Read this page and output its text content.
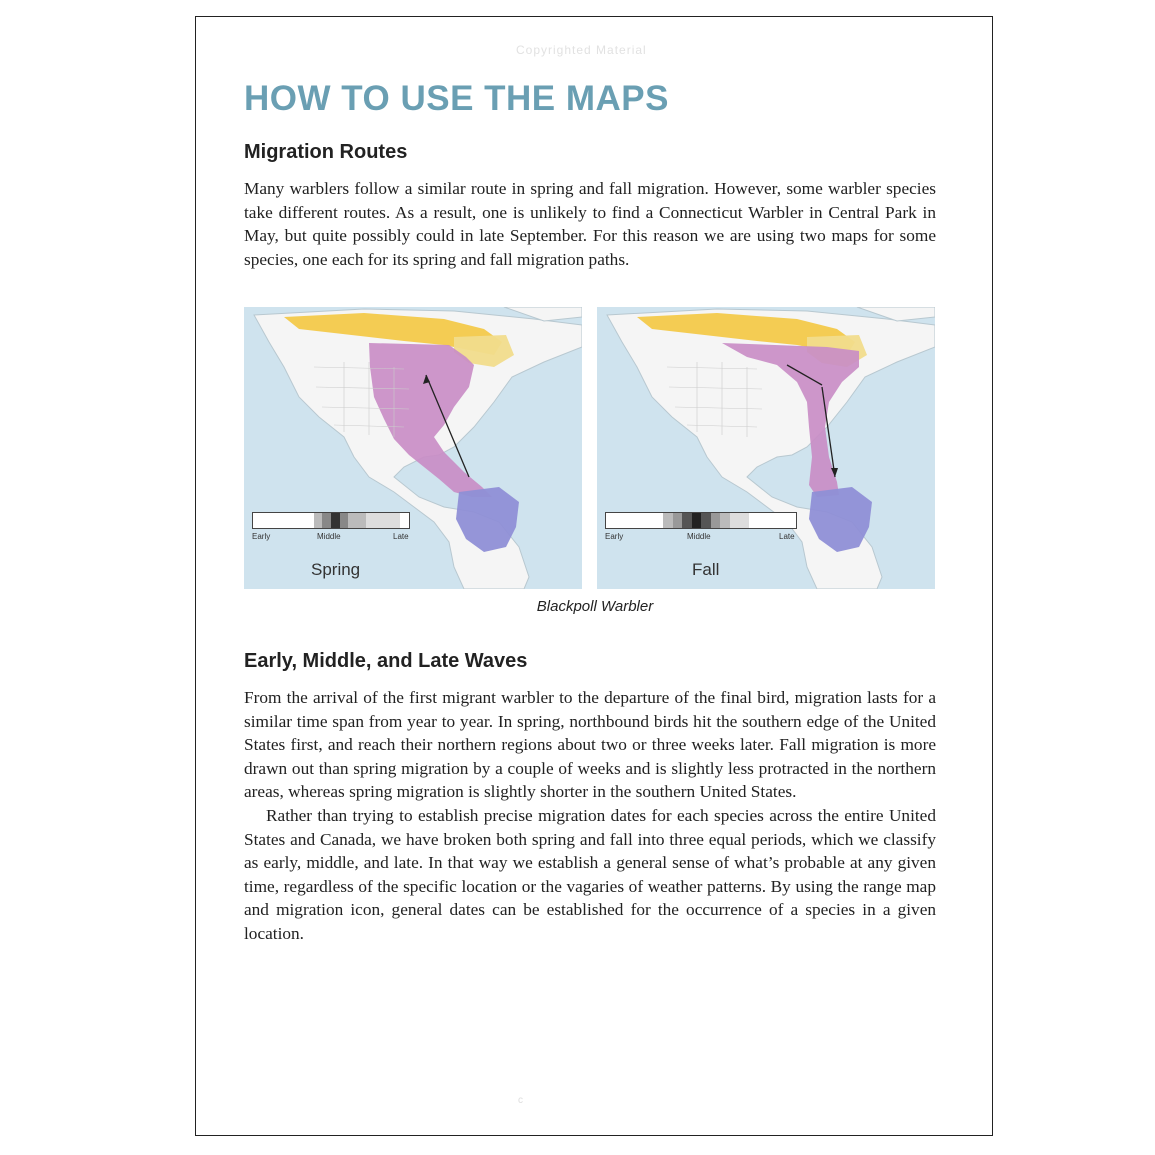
Copyrighted Material
HOW TO USE THE MAPS
Migration Routes

Many warblers follow a similar route in spring and fall migration. However, some warbler species take different routes. As a result, one is unlikely to find a Connecticut Warbler in Central Park in May, but quite possibly could in late September. For this reason we are using two maps for some species, one each for its spring and fall migration paths.

Early	Middle	Late
Spring
Early	Middle	Late
Fall
Blackpoll Warbler
Early, Middle, and Late Waves

From the arrival of the first migrant warbler to the departure of the final bird, migration lasts for a similar time span from year to year. In spring, northbound birds hit the southern edge of the United States first, and reach their northern regions about two or three weeks later. Fall migration is more drawn out than spring migration by a couple of weeks and is slightly less protracted in the northern areas, whereas spring migration is slightly shorter in the southern United States.

Rather than trying to establish precise migration dates for each species across the entire United States and Canada, we have broken both spring and fall into three equal periods, which we classify as early, middle, and late. In that way we establish a general sense of what’s probable at any given time, regardless of the specific location or the vagaries of weather patterns. By using the range map and migration icon, general dates can be established for the occurrence of a species in a given location.

c
